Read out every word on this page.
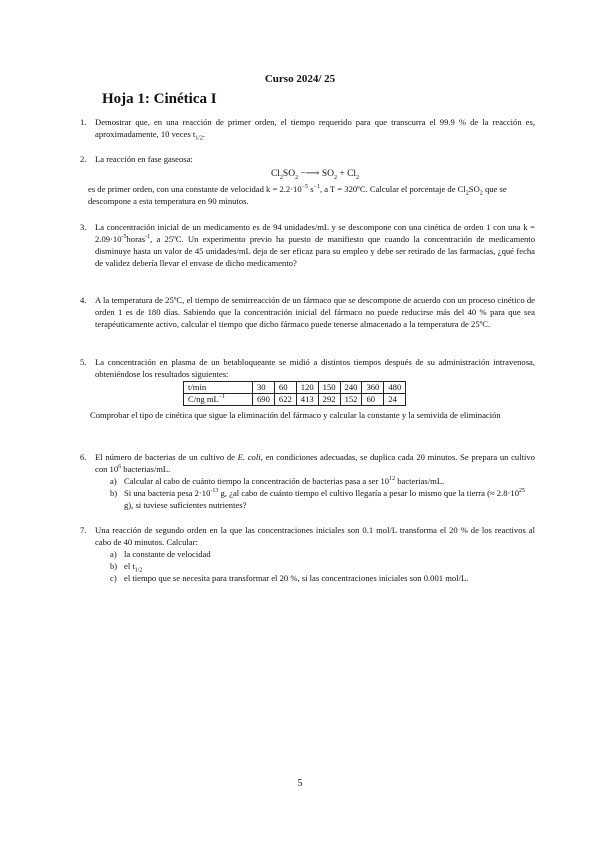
Curso 2024/ 25
Hoja 1: Cinética I
1. Demostrar que, en una reacción de primer orden, el tiempo requerido para que transcurra el 99.9 % de la reacción es, aproximadamente, 10 veces $t_{1/2}$.
2. La reacción en fase gaseosa:
$Cl_2SO_2$ −⟶ $SO_2 + Cl_2$
es de primer orden, con una constante de velocidad $k = 2.2\cdot 10^{-5}$ $s^{-1}$, a T = 320ºC. Calcular el porcentaje de $Cl_2SO_2$ que se descompone a esta temperatura en 90 minutos.
3. La concentración inicial de un medicamento es de 94 unidades/mL y se descompone con una cinética de orden 1 con una $k = 2.09\cdot 10^{-5}horas^{-1}$, a 25ºC. Un experimento previo ha puesto de manifiesto que cuando la concentración de medicamento disminuye hasta un valor de 45 unidades/mL deja de ser eficaz para su empleo y debe ser retirado de las farmacias, ¿qué fecha de validez debería llevar el envase de dicho medicamento?
4. A la temperatura de 25ºC, el tiempo de semirreacción de un fármaco que se descompone de acuerdo con un proceso cinético de orden 1 es de 180 días. Sabiendo que la concentración inicial del fármaco no puede reducirse más del 40 % para que sea terapéuticamente activo, calcular el tiempo que dicho fármaco puede tenerse almacenado a la temperatura de 25ºC.
5. La concentración en plasma de un betabloqueante se midió a distintos tiempos después de su administración intravenosa, obteniéndose los resultados siguientes:
t/min	30	60	120	150	240	360	480
C/ng $mL^{-1}$	690	622	413	292	152	60	24
Comprobar el tipo de cinética que sigue la eliminación del fármaco y calcular la constante y la semivida de eliminación
6. El número de bacterias de un cultivo de E. coli, en condiciones adecuadas, se duplica cada 20 minutos. Se prepara un cultivo con $10^6$ bacterias/mL.
a) Calcular al cabo de cuánto tiempo la concentración de bacterias pasa a ser $10^{12}$ bacterias/mL.
b) Si una bacteria pesa $2\cdot 10^{-13}$ g, ¿al cabo de cuánto tiempo el cultivo llegaría a pesar lo mismo que la tierra (≈ $2.8\cdot 10^{25}$ g), si tuviese suficientes nutrientes?
7. Una reacción de segundo orden en la que las concentraciones iniciales son 0.1 mol/L transforma el 20 % de los reactivos al cabo de 40 minutos. Calcular:
a) la constante de velocidad
b) el $t_{1/2}$
c) el tiempo que se necesita para transformar el 20 %, si las concentraciones iniciales son 0.001 mol/L.
5
